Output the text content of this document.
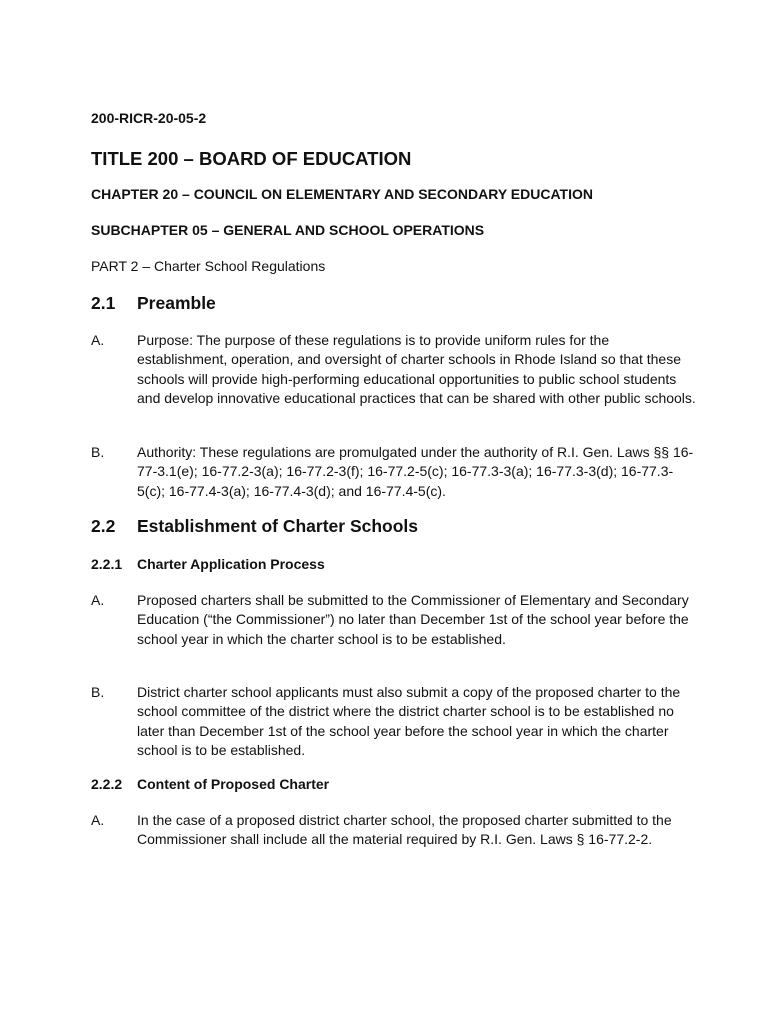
200-RICR-20-05-2

TITLE 200 – BOARD OF EDUCATION

CHAPTER 20 – COUNCIL ON ELEMENTARY AND SECONDARY EDUCATION

SUBCHAPTER 05 – GENERAL AND SCHOOL OPERATIONS

PART 2 – Charter School Regulations

2.1 Preamble
A. Purpose: The purpose of these regulations is to provide uniform rules for the establishment, operation, and oversight of charter schools in Rhode Island so that these schools will provide high-performing educational opportunities to public school students and develop innovative educational practices that can be shared with other public schools.

B. Authority: These regulations are promulgated under the authority of R.I. Gen. Laws §§ 16-77-3.1(e); 16-77.2-3(a); 16-77.2-3(f); 16-77.2-5(c); 16-77.3-3(a); 16-77.3-3(d); 16-77.3-5(c); 16-77.4-3(a); 16-77.4-3(d); and 16-77.4-5(c).

2.2 Establishment of Charter Schools
2.2.1 Charter Application Process
A. Proposed charters shall be submitted to the Commissioner of Elementary and Secondary Education (“the Commissioner”) no later than December 1st of the school year before the school year in which the charter school is to be established.

B. District charter school applicants must also submit a copy of the proposed charter to the school committee of the district where the district charter school is to be established no later than December 1st of the school year before the school year in which the charter school is to be established.

2.2.2 Content of Proposed Charter
A. In the case of a proposed district charter school, the proposed charter submitted to the Commissioner shall include all the material required by R.I. Gen. Laws § 16-77.2-2.
